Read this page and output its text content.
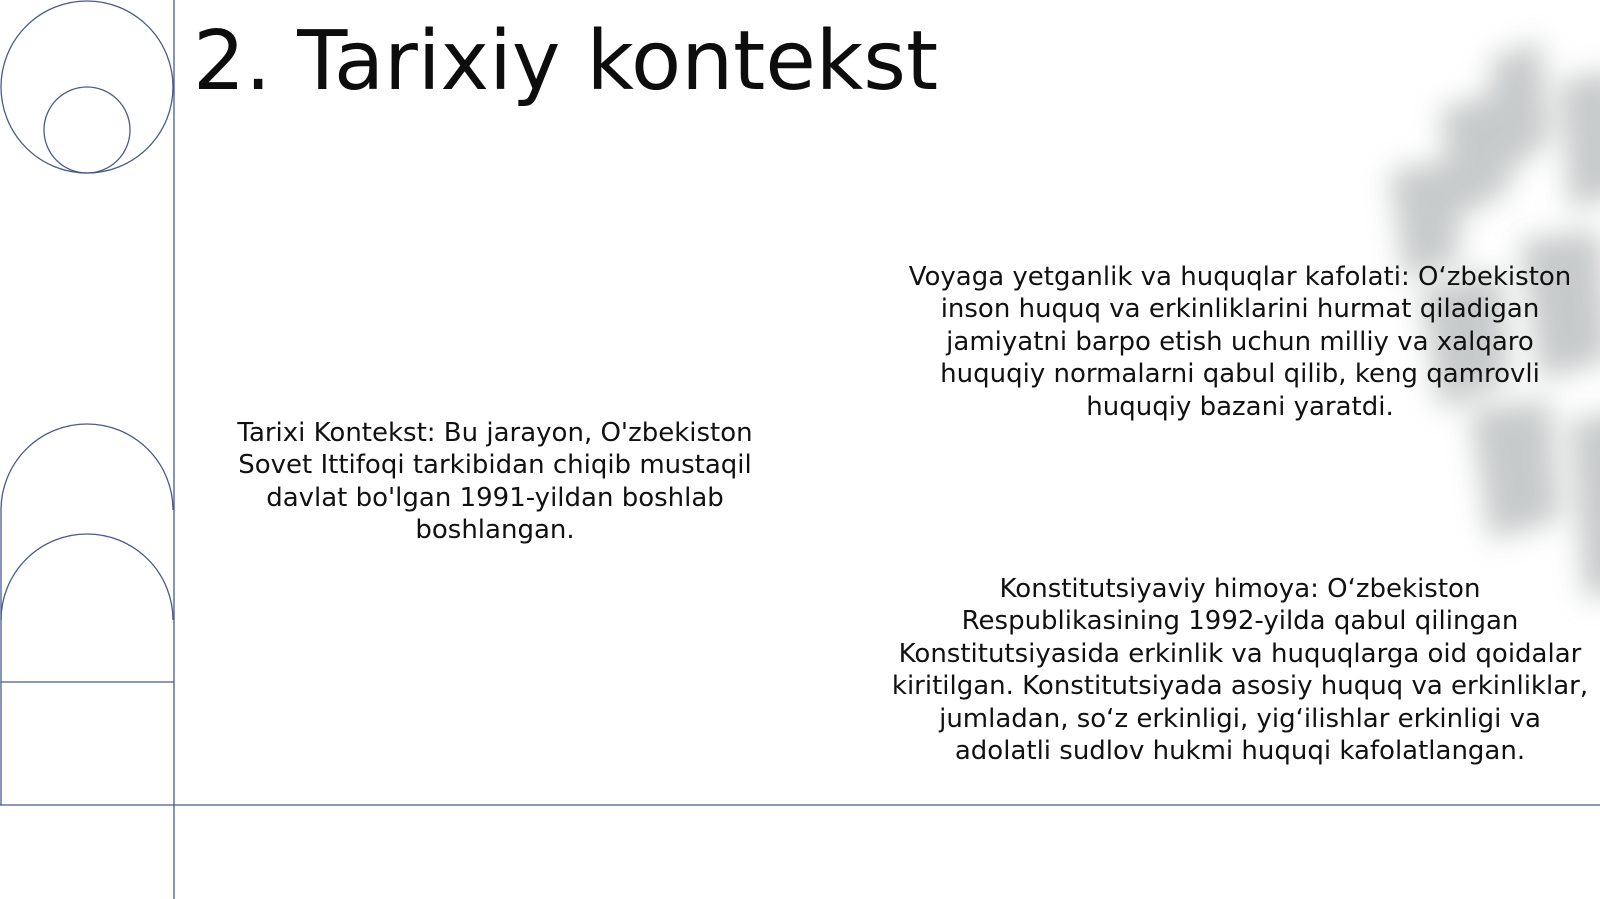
2. Tarixiy kontekst

Tarixi Kontekst: Bu jarayon, O'zbekiston Sovet Ittifoqi tarkibidan chiqib mustaqil davlat bo'lgan 1991-yildan boshlab boshlangan.

Voyaga yetganlik va huquqlar kafolati: O‘zbekiston inson huquq va erkinliklarini hurmat qiladigan jamiyatni barpo etish uchun milliy va xalqaro huquqiy normalarni qabul qilib, keng qamrovli huquqiy bazani yaratdi.

Konstitutsiyaviy himoya: O‘zbekiston Respublikasining 1992-yilda qabul qilingan Konstitutsiyasida erkinlik va huquqlarga oid qoidalar kiritilgan. Konstitutsiyada asosiy huquq va erkinliklar, jumladan, so‘z erkinligi, yig‘ilishlar erkinligi va adolatli sudlov hukmi huquqi kafolatlangan.
